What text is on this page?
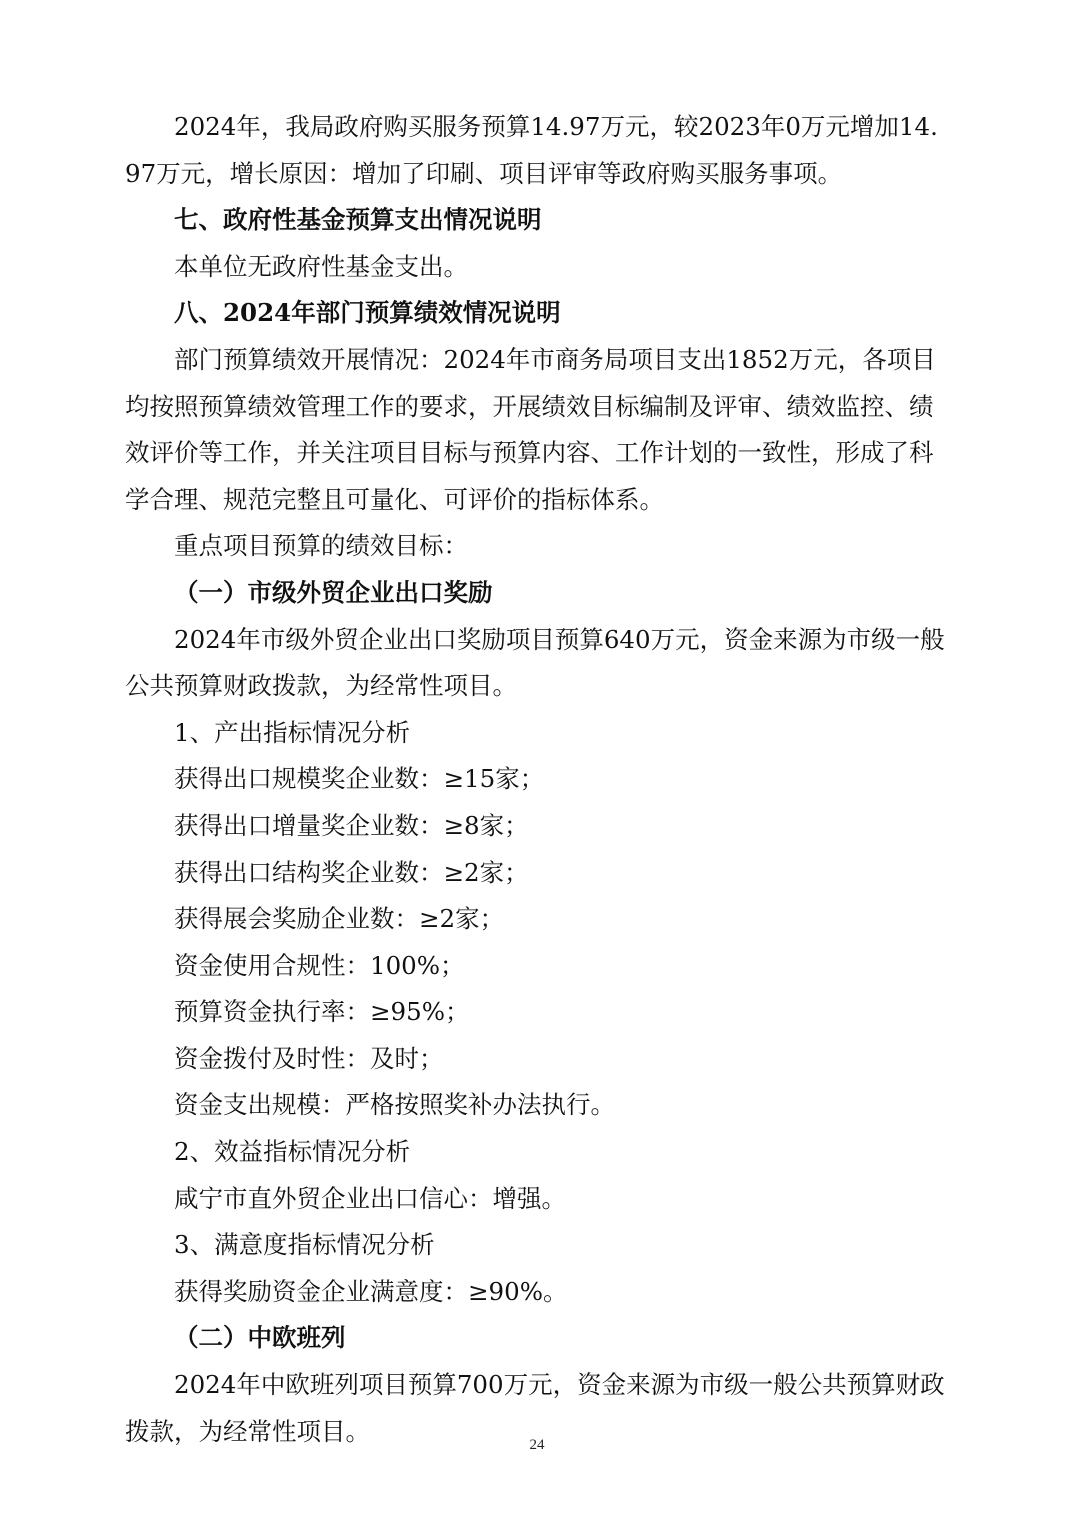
2024年，我局政府购买服务预算14.97万元，较2023年0万元增加14.97万元，增长原因：增加了印刷、项目评审等政府购买服务事项。

七、政府性基金预算支出情况说明

本单位无政府性基金支出。

八、2024年部门预算绩效情况说明

部门预算绩效开展情况：2024年市商务局项目支出1852万元，各项目均按照预算绩效管理工作的要求，开展绩效目标编制及评审、绩效监控、绩效评价等工作，并关注项目目标与预算内容、工作计划的一致性，形成了科学合理、规范完整且可量化、可评价的指标体系。

重点项目预算的绩效目标：

（一）市级外贸企业出口奖励

2024年市级外贸企业出口奖励项目预算640万元，资金来源为市级一般公共预算财政拨款，为经常性项目。

1、产出指标情况分析

获得出口规模奖企业数：≥15家；

获得出口增量奖企业数：≥8家；

获得出口结构奖企业数：≥2家；

获得展会奖励企业数：≥2家；

资金使用合规性：100%；

预算资金执行率：≥95%；

资金拨付及时性：及时；

资金支出规模：严格按照奖补办法执行。

2、效益指标情况分析

咸宁市直外贸企业出口信心：增强。

3、满意度指标情况分析

获得奖励资金企业满意度：≥90%。

（二）中欧班列

2024年中欧班列项目预算700万元，资金来源为市级一般公共预算财政拨款，为经常性项目。	24
